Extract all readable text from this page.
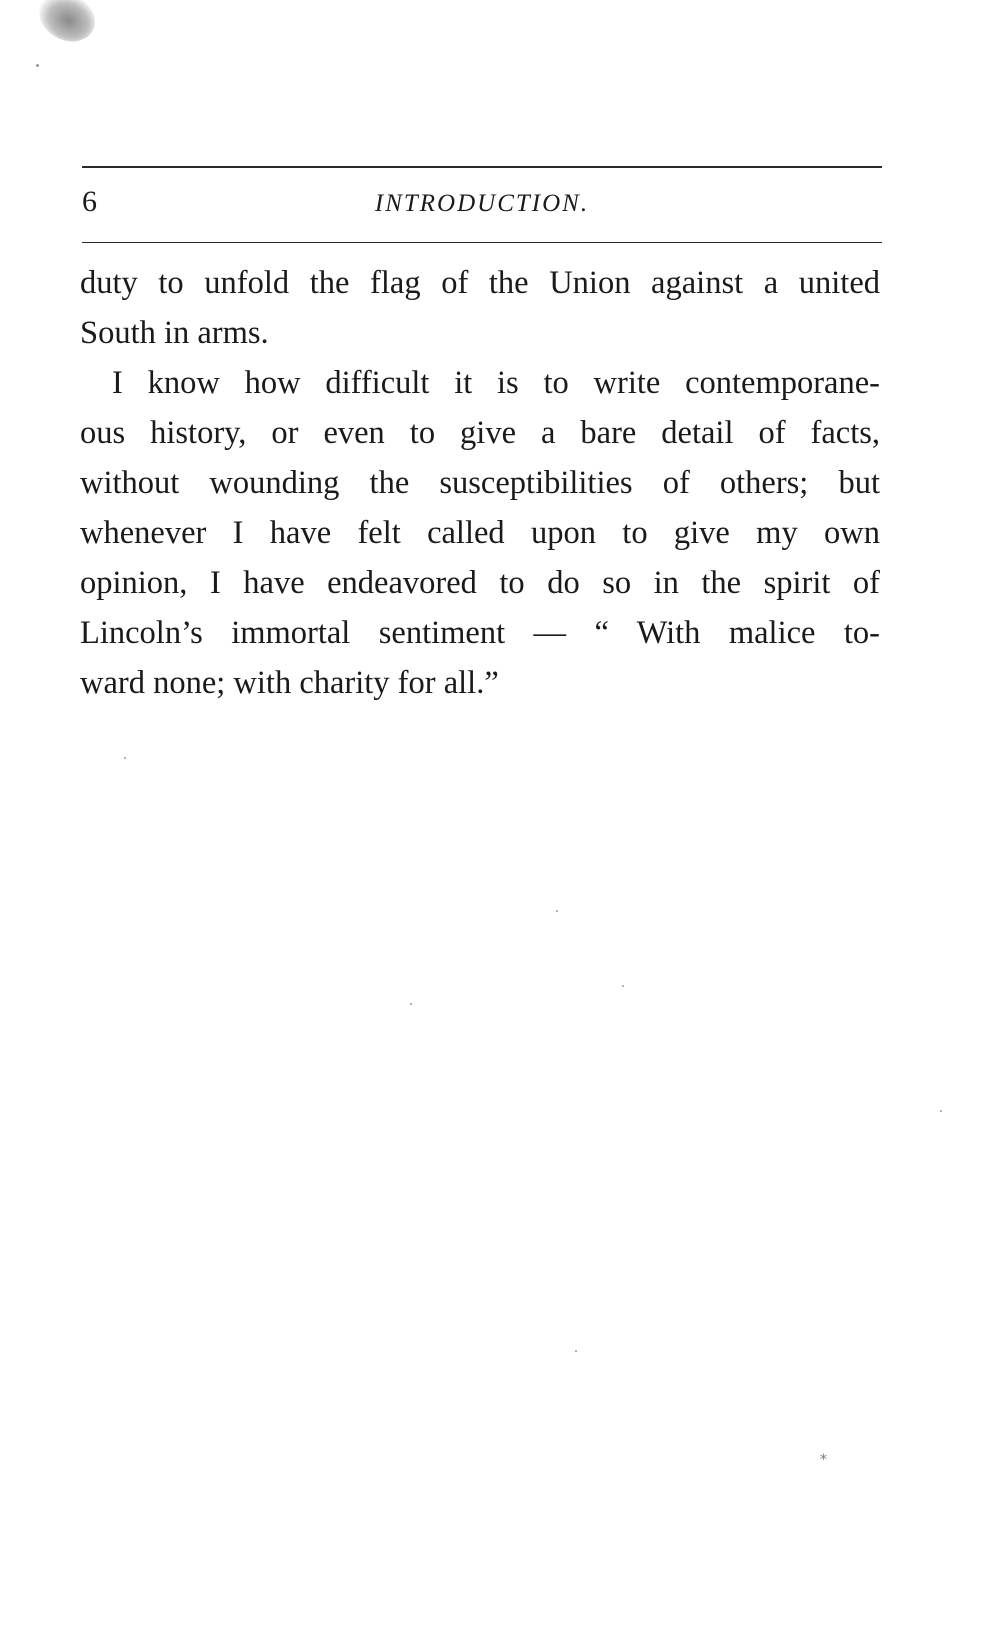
6	INTRODUCTION.
duty to unfold the flag of the Union against a united
South in arms.
I know how difficult it is to write contemporane-
ous history, or even to give a bare detail of facts,
without wounding the susceptibilities of others; but
whenever I have felt called upon to give my own
opinion, I have endeavored to do so in the spirit of
Lincoln’s immortal sentiment — “ With malice to-
ward none; with charity for all.”
*
